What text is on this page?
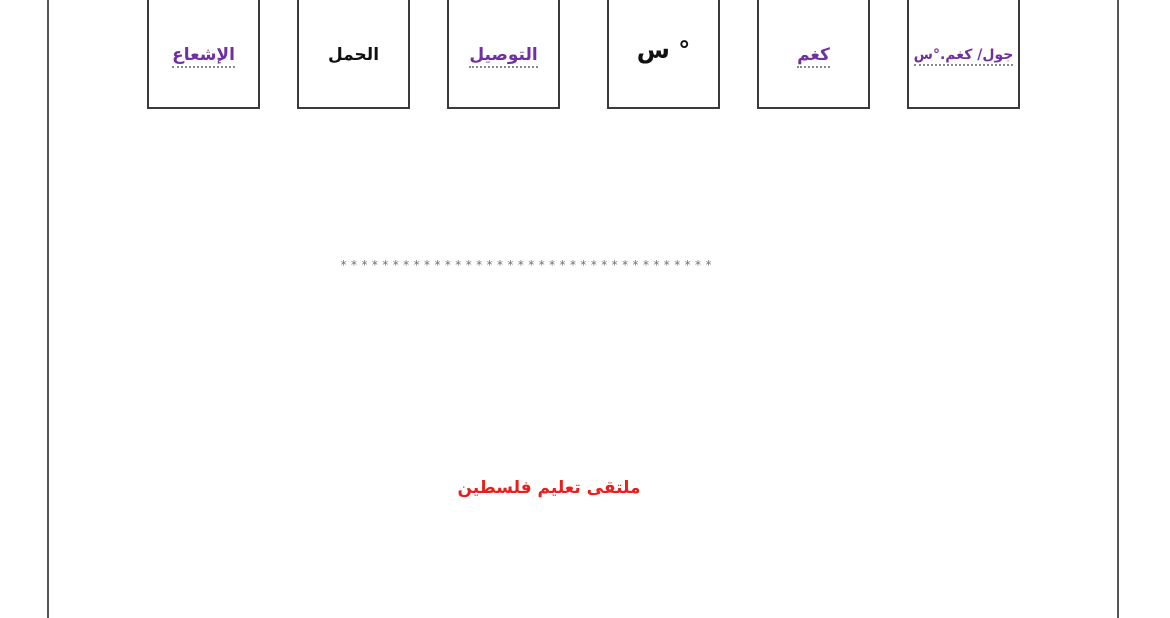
الإشعاع	الحمل	التوصيل	° س	كغم	جول/ كغم.°س
************************************
ملتقى تعليم فلسطين
